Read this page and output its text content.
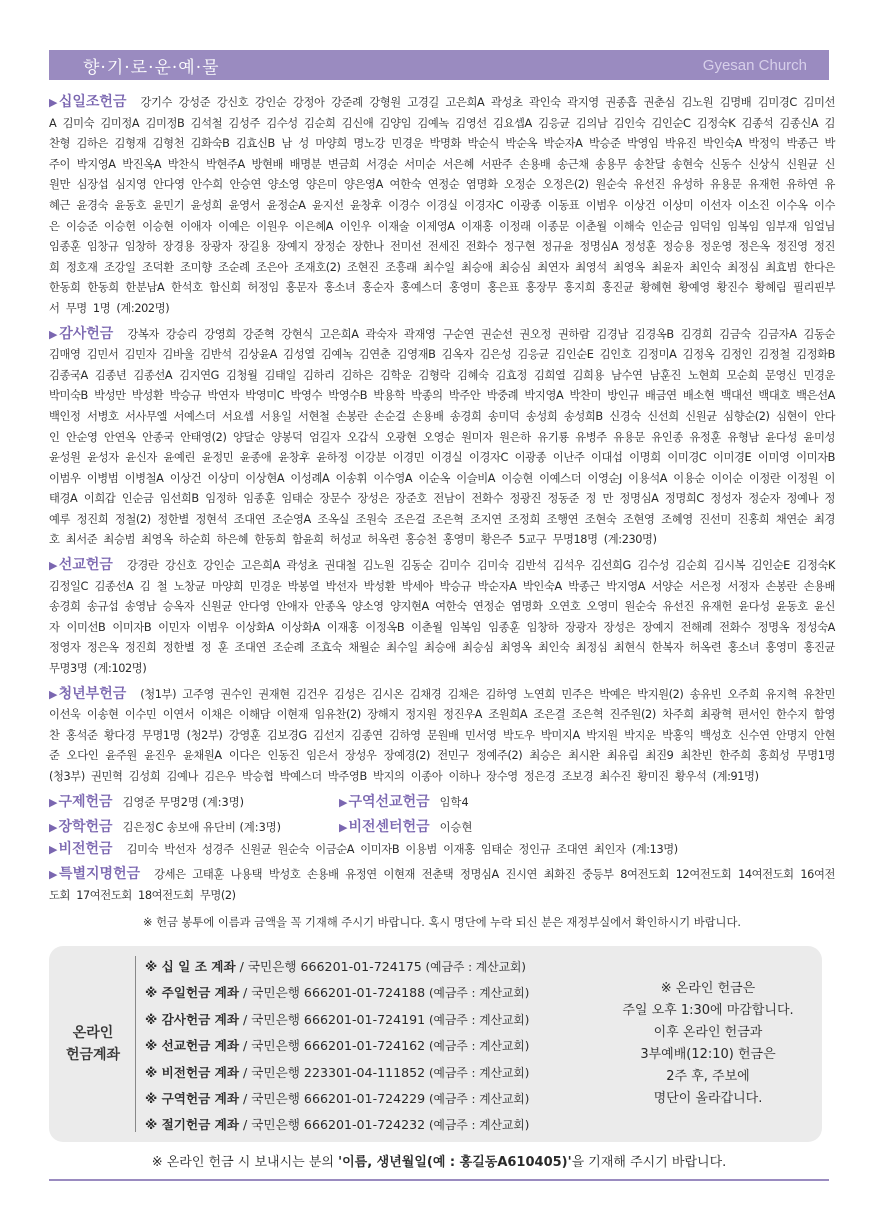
향·기·로·운·예·물	Gyesan Church

▶십일조헌금 강기수 강성준 강신호 강인순 강정아 강준례 강형원 고경길 고은희A 곽성초 곽인숙 곽지영 권종흡 권춘심 김노원 김명배 김미경C 김미선A 김미숙 김미정A 김미정B 김석철 김성주 김수성 김순희 김신애 김양임 김예녹 김영선 김요셉A 김응균 김의남 김인숙 김인순C 김정숙K 김종석 김종신A 김찬형 김하은 김형재 김형천 김화숙B 김효신B 남 성 마양희 명노강 민경운 박명화 박순식 박순옥 박순자A 박승준 박영임 박유진 박인숙A 박정익 박종근 박주이 박지영A 박진옥A 박찬식 박현주A 방현배 배명분 변금희 서경순 서미순 서은혜 서판주 손용배 송근채 송용무 송찬달 송현숙 신동수 신상식 신원균 신원만 심장섭 심지영 안다영 안수희 안승연 양소영 양은미 양은영A 여한숙 연정순 염명화 오정순 오정은(2) 원순숙 유선진 유성하 유용문 유재헌 유하연 유혜근 윤경숙 윤동호 윤민기 윤성희 윤영서 윤정순A 윤지선 윤창후 이경수 이경실 이경자C 이광종 이동표 이범우 이상건 이상미 이선자 이소진 이수옥 이수은 이승준 이승헌 이승현 이애자 이예은 이원우 이은혜A 이인우 이재술 이제영A 이재홍 이정래 이종문 이춘월 이해숙 인순금 임덕임 임복임 임부재 임얼님 임종훈 임창규 임창하 장경용 장광자 장길용 장예지 장정순 장한나 전미선 전세진 전화수 정구현 정규윤 정명심A 정성훈 정승용 정운영 정은옥 정진영 정진희 정호재 조강일 조덕환 조미향 조순례 조은아 조재호(2) 조현진 조흥래 최수일 최승애 최승심 최연자 최영석 최영옥 최윤자 최인숙 최정심 최효범 한다은 한동희 한동희 한분남A 한석호 함신희 허정임 홍문자 홍소녀 홍순자 홍예스더 홍영미 홍은표 홍장무 홍지희 홍진균 황혜현 황예영 황진수 황혜림 필리핀부서 무명 1명 (계:202명)

▶감사헌금 강복자 강승리 강영희 강준혁 강현식 고은희A 곽숙자 곽재영 구순연 권순선 권오정 권하람 김경남 김경옥B 김경희 김금숙 김금자A 김동순 김매영 김민서 김민자 김바울 김반석 김상윤A 김성열 김예녹 김연춘 김영재B 김옥자 김은성 김응균 김인순E 김인호 김정미A 김정옥 김정인 김정철 김정화B 김종국A 김종년 김종선A 김지연G 김청월 김태일 김하리 김하은 김학운 김형락 김혜숙 김효정 김희열 김희용 남수연 남훈진 노현희 모순희 문영신 민경운 박미숙B 박성만 박성환 박승규 박연자 박영미C 박영수 박영수B 박용학 박종의 박주안 박중례 박지영A 박찬미 방인규 배금연 배소현 백대선 백대호 백은선A 백인정 서병호 서사무엘 서예스더 서요셉 서용일 서현철 손봉란 손순걸 손용배 송경희 송미덕 송성희 송성희B 신경숙 신선희 신원균 심향순(2) 심현이 안다인 안순영 안연옥 안종국 안태영(2) 양달순 양봉덕 엄길자 오갑식 오광현 오영순 원미자 원은하 유기룡 유병주 유용문 유인종 유정훈 유형남 윤다성 윤미성 윤성원 윤성자 윤신자 윤예린 윤정민 윤종애 윤창후 윤하정 이강분 이경민 이경실 이경자C 이광종 이난주 이대섭 이명희 이미경C 이미경E 이미영 이미자B 이범우 이병범 이병철A 이상건 이상미 이상현A 이성례A 이송휘 이수영A 이순옥 이슬비A 이승현 이예스더 이영순J 이용석A 이용순 이이순 이정란 이정원 이태경A 이희갑 인순금 임선희B 임정하 임종훈 임태순 장문수 장성은 장준호 전남이 전화수 정광진 정동준 정 만 정명심A 정명희C 정성자 정순자 정예나 정예루 정진희 정철(2) 정한별 정현석 조대연 조순영A 조옥실 조원숙 조은걸 조은혁 조지연 조정희 조행연 조현숙 조현영 조혜영 진선미 진홍희 채연순 최경호 최서준 최승범 최영옥 하순희 하은혜 한동희 함윤희 허성교 허옥련 홍승천 홍영미 황은주 5교구 무명18명 (계:230명)

▶선교헌금 강경란 강신호 강인순 고은희A 곽성초 권대철 김노원 김동순 김미수 김미숙 김반석 김석우 김선희G 김수성 김순희 김시복 김인순E 김정숙K 김정일C 김종선A 김 철 노창균 마양희 민경운 박봉열 박선자 박성환 박세아 박승규 박순자A 박인숙A 박종근 박지영A 서양순 서은정 서정자 손봉란 손용배 송경희 송규섭 송영남 승옥자 신원균 안다영 안애자 안종옥 양소영 양지현A 여한숙 연정순 염명화 오연호 오영미 원순숙 유선진 유재헌 윤다성 윤동호 윤신자 이미선B 이미자B 이민자 이범우 이상화A 이상화A 이재홍 이정옥B 이춘월 임복임 임종훈 임창하 장광자 장성은 장예지 전해례 전화수 정명옥 정성숙A 정영자 정은옥 정진희 정한별 정 훈 조대연 조순례 조효숙 채월순 최수일 최승애 최승심 최영옥 최인숙 최정심 최현식 한복자 허옥련 홍소녀 홍영미 홍진균 무명3명 (계:102명)

▶청년부헌금 (청1부) 고주영 권수인 권재현 김건우 김성은 김시온 김채경 김채은 김하영 노연희 민주은 박예은 박지원(2) 송유빈 오주희 유지혁 유찬민 이선욱 이송현 이수민 이연서 이채은 이해담 이현재 임유찬(2) 장해지 정지원 정진우A 조원희A 조은결 조은혁 진주원(2) 차주희 최광혁 편서인 한수지 함영찬 홍석준 황다경 무명1명 (청2부) 강영훈 김보경G 김선지 김종연 김하영 문원배 민서영 박도우 박미지A 박지원 박지운 박홍익 백성호 신수연 안명지 안현준 오다인 윤주원 윤진우 윤채원A 이다은 인동진 임은서 장성우 장예경(2) 전민구 정예주(2) 최승은 최시완 최유림 최진9 최찬빈 한주희 홍희성 무명1명 (청3부) 권민혁 김성희 김예나 김은우 박승협 박예스더 박주영B 박지의 이종아 이하나 장수영 정은경 조보경 최수진 황미진 황우석 (계:91명)

▶구제헌금 김영준 무명2명 (계:3명)	▶구역선교헌금 임학4
▶장학헌금 김은정C 송보애 유단비 (계:3명)	▶비전센터헌금 이승현

▶비전헌금 김미숙 박선자 성경주 신원균 원순숙 이금순A 이미자B 이용범 이재홍 임태순 정인규 조대연 최인자 (계:13명)

▶특별지명헌금 강세은 고태훈 나용택 박성호 손용배 유정연 이현재 전춘택 정명심A 진시연 최화진 중등부 8여전도회 12여전도회 14여전도회 16여전도회 17여전도회 18여전도회 무명(2)

※ 헌금 봉투에 이름과 금액을 꼭 기재해 주시기 바랍니다. 혹시 명단에 누락 되신 분은 재정부실에서 확인하시기 바랍니다.
온라인
헌금계좌
※ 십 일 조 계좌 / 국민은행 666201-01-724175 (예금주 : 계산교회)
※ 주일헌금 계좌 / 국민은행 666201-01-724188 (예금주 : 계산교회)
※ 감사헌금 계좌 / 국민은행 666201-01-724191 (예금주 : 계산교회)
※ 선교헌금 계좌 / 국민은행 666201-01-724162 (예금주 : 계산교회)
※ 비전헌금 계좌 / 국민은행 223301-04-111852 (예금주 : 계산교회)
※ 구역헌금 계좌 / 국민은행 666201-01-724229 (예금주 : 계산교회)
※ 절기헌금 계좌 / 국민은행 666201-01-724232 (예금주 : 계산교회)
※ 온라인 헌금은
주일 오후 1:30에 마감합니다.
이후 온라인 헌금과
3부예배(12:10) 헌금은
2주 후, 주보에
명단이 올라갑니다.
※ 온라인 헌금 시 보내시는 분의 '이름, 생년월일(예 : 홍길동A610405)'을 기재해 주시기 바랍니다.
